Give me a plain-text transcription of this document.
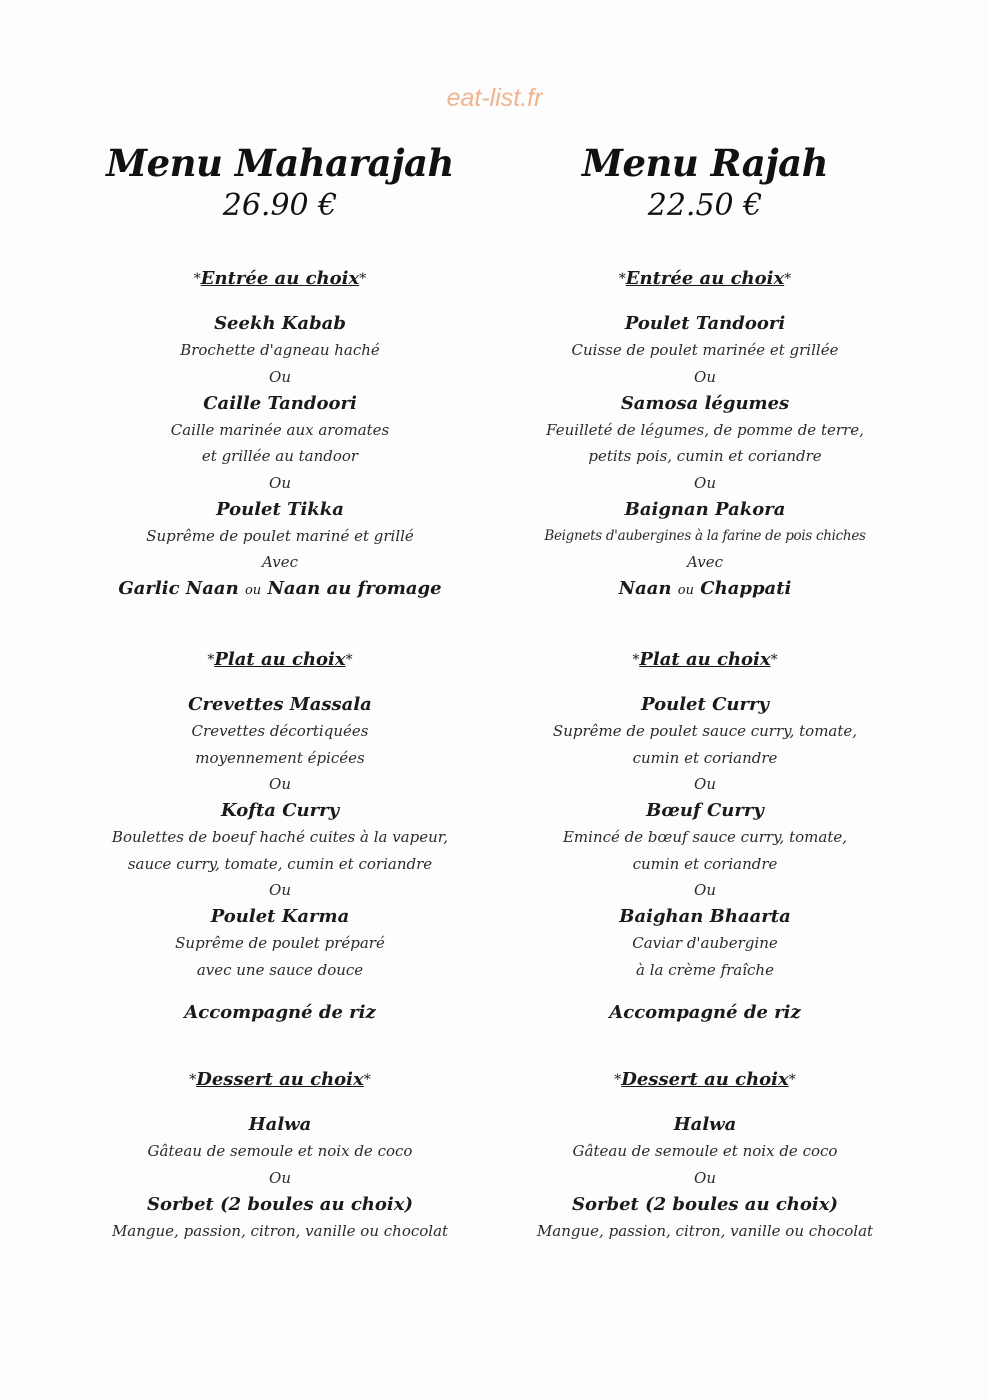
eat-list.fr
Menu Maharajah
26.90 €
*Entrée au choix*
Seekh Kabab
Brochette d'agneau haché
Ou
Caille Tandoori
Caille marinée aux aromates
et grillée au tandoor
Ou
Poulet Tikka
Suprême de poulet mariné et grillé
Avec
Garlic Naan ou Naan au fromage
*Plat au choix*
Crevettes Massala
Crevettes décortiquées
moyennement épicées
Ou
Kofta Curry
Boulettes de boeuf haché cuites à la vapeur,
sauce curry, tomate, cumin et coriandre
Ou
Poulet Karma
Suprême de poulet préparé
avec une sauce douce
Accompagné de riz
*Dessert au choix*
Halwa
Gâteau de semoule et noix de coco
Ou
Sorbet (2 boules au choix)
Mangue, passion, citron, vanille ou chocolat
Menu Rajah
22.50 €
*Entrée au choix*
Poulet Tandoori
Cuisse de poulet marinée et grillée
Ou
Samosa légumes
Feuilleté de légumes, de pomme de terre,
petits pois, cumin et coriandre
Ou
Baignan Pakora
Beignets d'aubergines à la farine de pois chiches
Avec
Naan ou Chappati
*Plat au choix*
Poulet Curry
Suprême de poulet sauce curry, tomate,
cumin et coriandre
Ou
Bœuf Curry
Emincé de bœuf sauce curry, tomate,
cumin et coriandre
Ou
Baighan Bhaarta
Caviar d'aubergine
à la crème fraîche
Accompagné de riz
*Dessert au choix*
Halwa
Gâteau de semoule et noix de coco
Ou
Sorbet (2 boules au choix)
Mangue, passion, citron, vanille ou chocolat
